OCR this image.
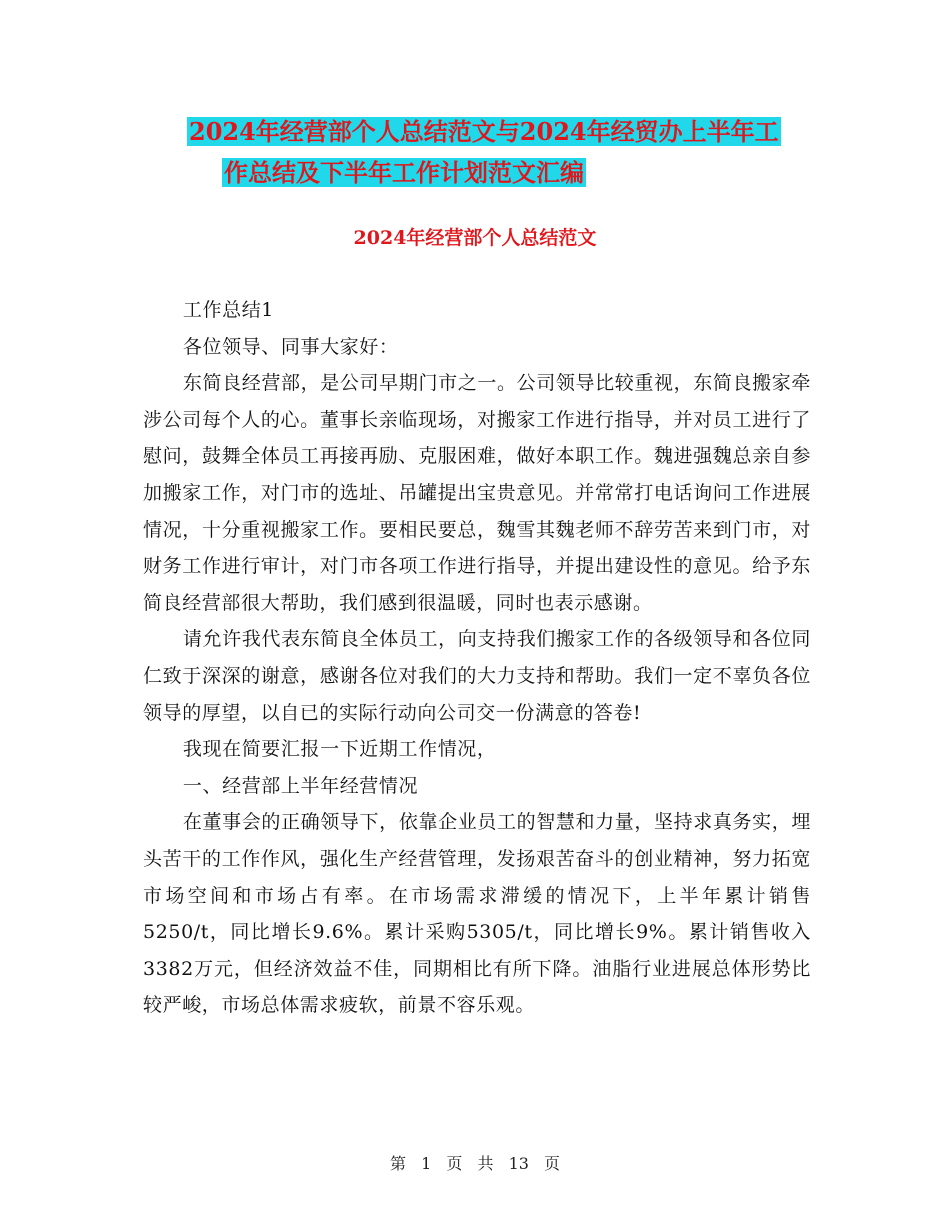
2024年经营部个人总结范文与2024年经贸办上半年工
作总结及下半年工作计划范文汇编
2024年经营部个人总结范文

工作总结1

各位领导、同事大家好：

东简良经营部，是公司早期门市之一。公司领导比较重视，东简良搬家牵涉公司每个人的心。董事长亲临现场，对搬家工作进行指导，并对员工进行了慰问，鼓舞全体员工再接再励、克服困难，做好本职工作。魏进强魏总亲自参加搬家工作，对门市的选址、吊罐提出宝贵意见。并常常打电话询问工作进展情况，十分重视搬家工作。要相民要总，魏雪其魏老师不辞劳苦来到门市，对财务工作进行审计，对门市各项工作进行指导，并提出建设性的意见。给予东简良经营部很大帮助，我们感到很温暖，同时也表示感谢。

请允许我代表东简良全体员工，向支持我们搬家工作的各级领导和各位同仁致于深深的谢意，感谢各位对我们的大力支持和帮助。我们一定不辜负各位领导的厚望，以自已的实际行动向公司交一份满意的答卷!

我现在简要汇报一下近期工作情况，

一、经营部上半年经营情况

在董事会的正确领导下，依靠企业员工的智慧和力量，坚持求真务实，埋头苦干的工作作风，强化生产经营管理，发扬艰苦奋斗的创业精神，努力拓宽市场空间和市场占有率。在市场需求滞缓的情况下，上半年累计销售5250/t，同比增长9.6%。累计采购5305/t，同比增长9%。累计销售收入3382万元，但经济效益不佳，同期相比有所下降。油脂行业进展总体形势比较严峻，市场总体需求疲软，前景不容乐观。

第 1 页 共 13 页
